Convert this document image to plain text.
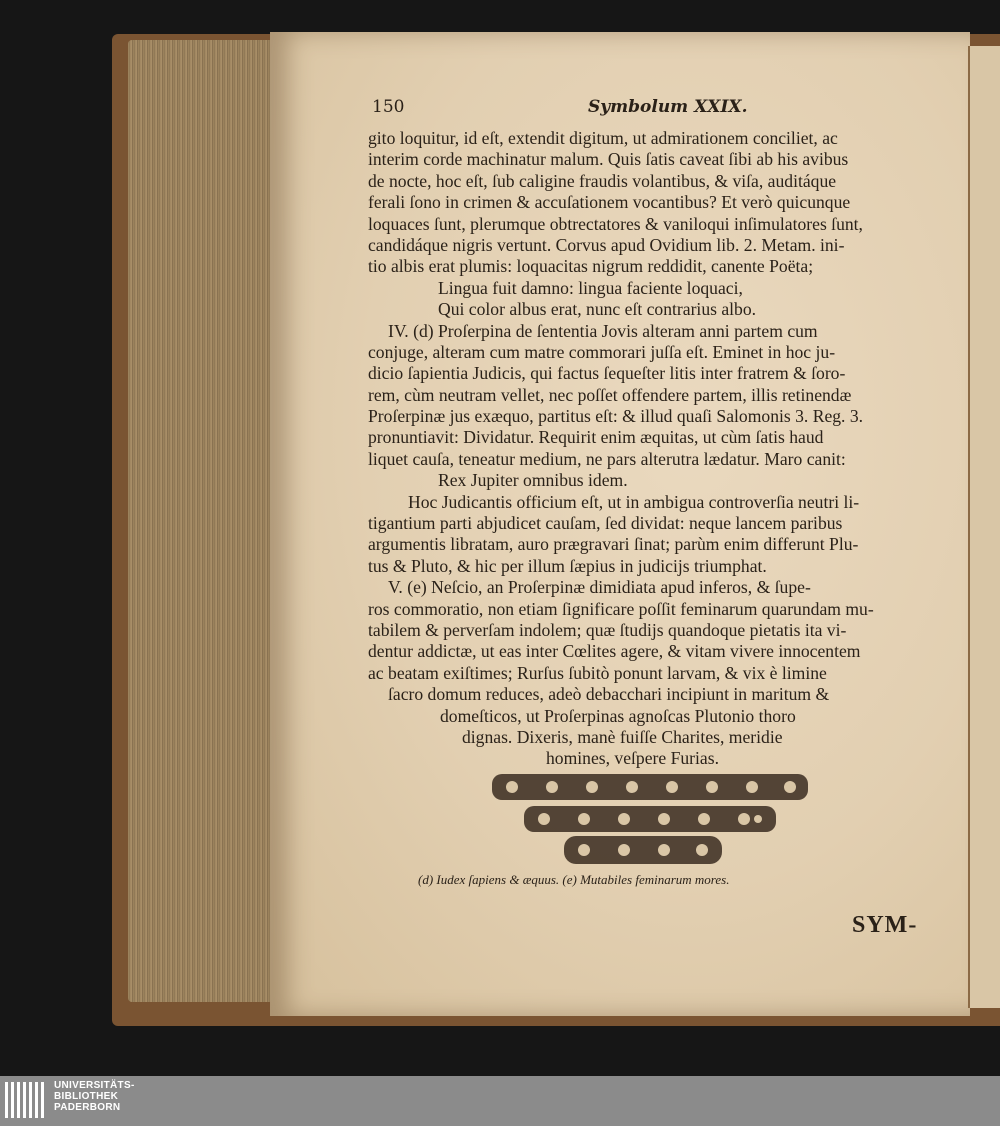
150	Symbolum XXIX.
gito loquitur, id eſt, extendit digitum, ut admirationem conciliet, ac
interim corde machinatur malum. Quis ſatis caveat ſibi ab his avibus
de nocte, hoc eſt, ſub caligine fraudis volantibus, & viſa, auditáque
ferali ſono in crimen & accuſationem vocantibus? Et verò quicunque
loquaces ſunt, plerumque obtrectatores & vaniloqui inſimulatores ſunt,
candidáque nigris vertunt. Corvus apud Ovidium lib. 2. Metam. ini-
tio albis erat plumis: loquacitas nigrum reddidit, canente Poëta;
Lingua fuit damno: lingua faciente loquaci,
Qui color albus erat, nunc eſt contrarius albo.
IV. (d) Proſerpina de ſententia Jovis alteram anni partem cum
conjuge, alteram cum matre commorari juſſa eſt. Eminet in hoc ju-
dicio ſapientia Judicis, qui factus ſequeſter litis inter fratrem & ſoro-
rem, cùm neutram vellet, nec poſſet offendere partem, illis retinendæ
Proſerpinæ jus exæquo, partitus eſt: & illud quaſi Salomonis 3. Reg. 3.
pronuntiavit: Dividatur. Requirit enim æquitas, ut cùm ſatis haud
liquet cauſa, teneatur medium, ne pars alterutra lædatur. Maro canit:
Rex Jupiter omnibus idem.
Hoc Judicantis officium eſt, ut in ambigua controverſia neutri li-
tigantium parti abjudicet cauſam, ſed dividat: neque lancem paribus
argumentis libratam, auro prægravari ſinat; parùm enim differunt Plu-
tus & Pluto, & hic per illum ſæpius in judicijs triumphat.
V. (e) Neſcio, an Proſerpinæ dimidiata apud inferos, & ſupe-
ros commoratio, non etiam ſignificare poſſit feminarum quarundam mu-
tabilem & perverſam indolem; quæ ſtudijs quandoque pietatis ita vi-
dentur addictæ, ut eas inter Cœlites agere, & vitam vivere innocentem
ac beatam exiſtimes; Rurſus ſubitò ponunt larvam, & vix è limine
ſacro domum reduces, adeò debacchari incipiunt in maritum &
domeſticos, ut Proſerpinas agnoſcas Plutonio thoro
dignas. Dixeris, manè fuiſſe Charites, meridie
homines, veſpere Furias.
(d) Iudex ſapiens & æquus. (e) Mutabiles feminarum mores.
SYM-
UNIVERSITÄTS-
BIBLIOTHEK
PADERBORN
